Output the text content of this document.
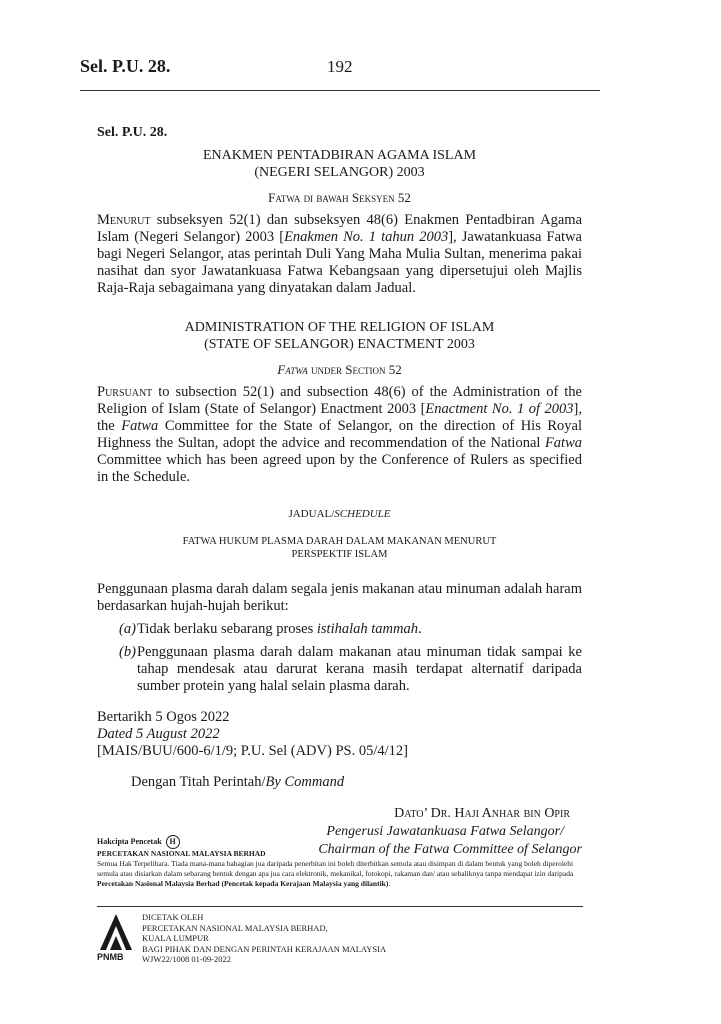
Sel. P.U. 28.	192

Sel. P.U. 28.

ENAKMEN PENTADBIRAN AGAMA ISLAM
(NEGERI SELANGOR) 2003
Fatwa di bawah Seksyen 52

Menurut subseksyen 52(1) dan subseksyen 48(6) Enakmen Pentadbiran Agama Islam (Negeri Selangor) 2003 [Enakmen No. 1 tahun 2003], Jawatankuasa Fatwa bagi Negeri Selangor, atas perintah Duli Yang Maha Mulia Sultan, menerima pakai nasihat dan syor Jawatankuasa Fatwa Kebangsaan yang dipersetujui oleh Majlis Raja-Raja sebagaimana yang dinyatakan dalam Jadual.

ADMINISTRATION OF THE RELIGION OF ISLAM
(STATE OF SELANGOR) ENACTMENT 2003
Fatwa under Section 52

Pursuant to subsection 52(1) and subsection 48(6) of the Administration of the Religion of Islam (State of Selangor) Enactment 2003 [Enactment No. 1 of 2003], the Fatwa Committee for the State of Selangor, on the direction of His Royal Highness the Sultan, adopt the advice and recommendation of the National Fatwa Committee which has been agreed upon by the Conference of Rulers as specified in the Schedule.

JADUAL/SCHEDULE
FATWA HUKUM PLASMA DARAH DALAM MAKANAN MENURUT
PERSPEKTIF ISLAM

Penggunaan plasma darah dalam segala jenis makanan atau minuman adalah haram berdasarkan hujah-hujah berikut:

(a) Tidak berlaku sebarang proses istihalah tammah.
(b) Penggunaan plasma darah dalam makanan atau minuman tidak sampai ke tahap mendesak atau darurat kerana masih terdapat alternatif daripada sumber protein yang halal selain plasma darah.
Bertarikh 5 Ogos 2022
Dated 5 August 2022
[MAIS/BUU/600-6/1/9; P.U. Sel (ADV) PS. 05/4/12]
Dengan Titah Perintah/By Command
Dato’ Dr. Haji Anhar bin Opir
Pengerusi Jawatankuasa Fatwa Selangor/
Chairman of the Fatwa Committee of Selangor
Hakcipta Pencetak H
PERCETAKAN NASIONAL MALAYSIA BERHAD
Semua Hak Terpelihara. Tiada mana-mana bahagian jua daripada penerbitan ini boleh diterbitkan semula atau disimpan di dalam bentuk yang boleh diperolehi semula atau disiarkan dalam sebarang bentuk dengan apa jua cara elektronik, mekanikal, fotokopi, rakaman dan/ atau sebaliknya tanpa mendapat izin daripada Percetakan Nasional Malaysia Berhad (Pencetak kepada Kerajaan Malaysia yang dilantik).
PNMB
DICETAK OLEH
PERCETAKAN NASIONAL MALAYSIA BERHAD,
KUALA LUMPUR
BAGI PIHAK DAN DENGAN PERINTAH KERAJAAN MALAYSIA
WJW22/1008 01-09-2022
